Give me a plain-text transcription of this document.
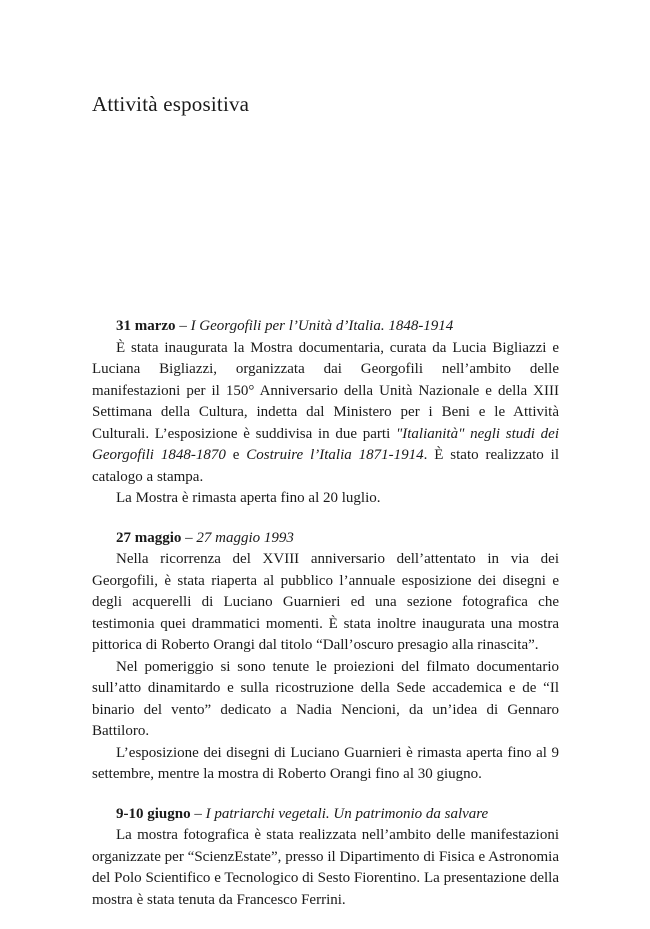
Attività espositiva

31 marzo – I Georgofili per l’Unità d’Italia. 1848-1914

È stata inaugurata la Mostra documentaria, curata da Lucia Bigliazzi e Luciana Bigliazzi, organizzata dai Georgofili nell’ambito delle manifestazioni per il 150° Anniversario della Unità Nazionale e della XIII Settimana della Cultura, indetta dal Ministero per i Beni e le Attività Culturali. L’esposizione è suddivisa in due parti "Italianità" negli studi dei Georgofili 1848-1870 e Costruire l’Italia 1871-1914. È stato realizzato il catalogo a stampa.

La Mostra è rimasta aperta fino al 20 luglio.

27 maggio – 27 maggio 1993

Nella ricorrenza del XVIII anniversario dell’attentato in via dei Georgofili, è stata riaperta al pubblico l’annuale esposizione dei disegni e degli acquerelli di Luciano Guarnieri ed una sezione fotografica che testimonia quei drammatici momenti. È stata inoltre inaugurata una mostra pittorica di Roberto Orangi dal titolo “Dall’oscuro presagio alla rinascita”.

Nel pomeriggio si sono tenute le proiezioni del filmato documentario sull’atto dinamitardo e sulla ricostruzione della Sede accademica e de “Il binario del vento” dedicato a Nadia Nencioni, da un’idea di Gennaro Battiloro.

L’esposizione dei disegni di Luciano Guarnieri è rimasta aperta fino al 9 settembre, mentre la mostra di Roberto Orangi fino al 30 giugno.

9-10 giugno – I patriarchi vegetali. Un patrimonio da salvare

La mostra fotografica è stata realizzata nell’ambito delle manifestazioni organizzate per “ScienzEstate”, presso il Dipartimento di Fisica e Astronomia del Polo Scientifico e Tecnologico di Sesto Fiorentino. La presentazione della mostra è stata tenuta da Francesco Ferrini.
